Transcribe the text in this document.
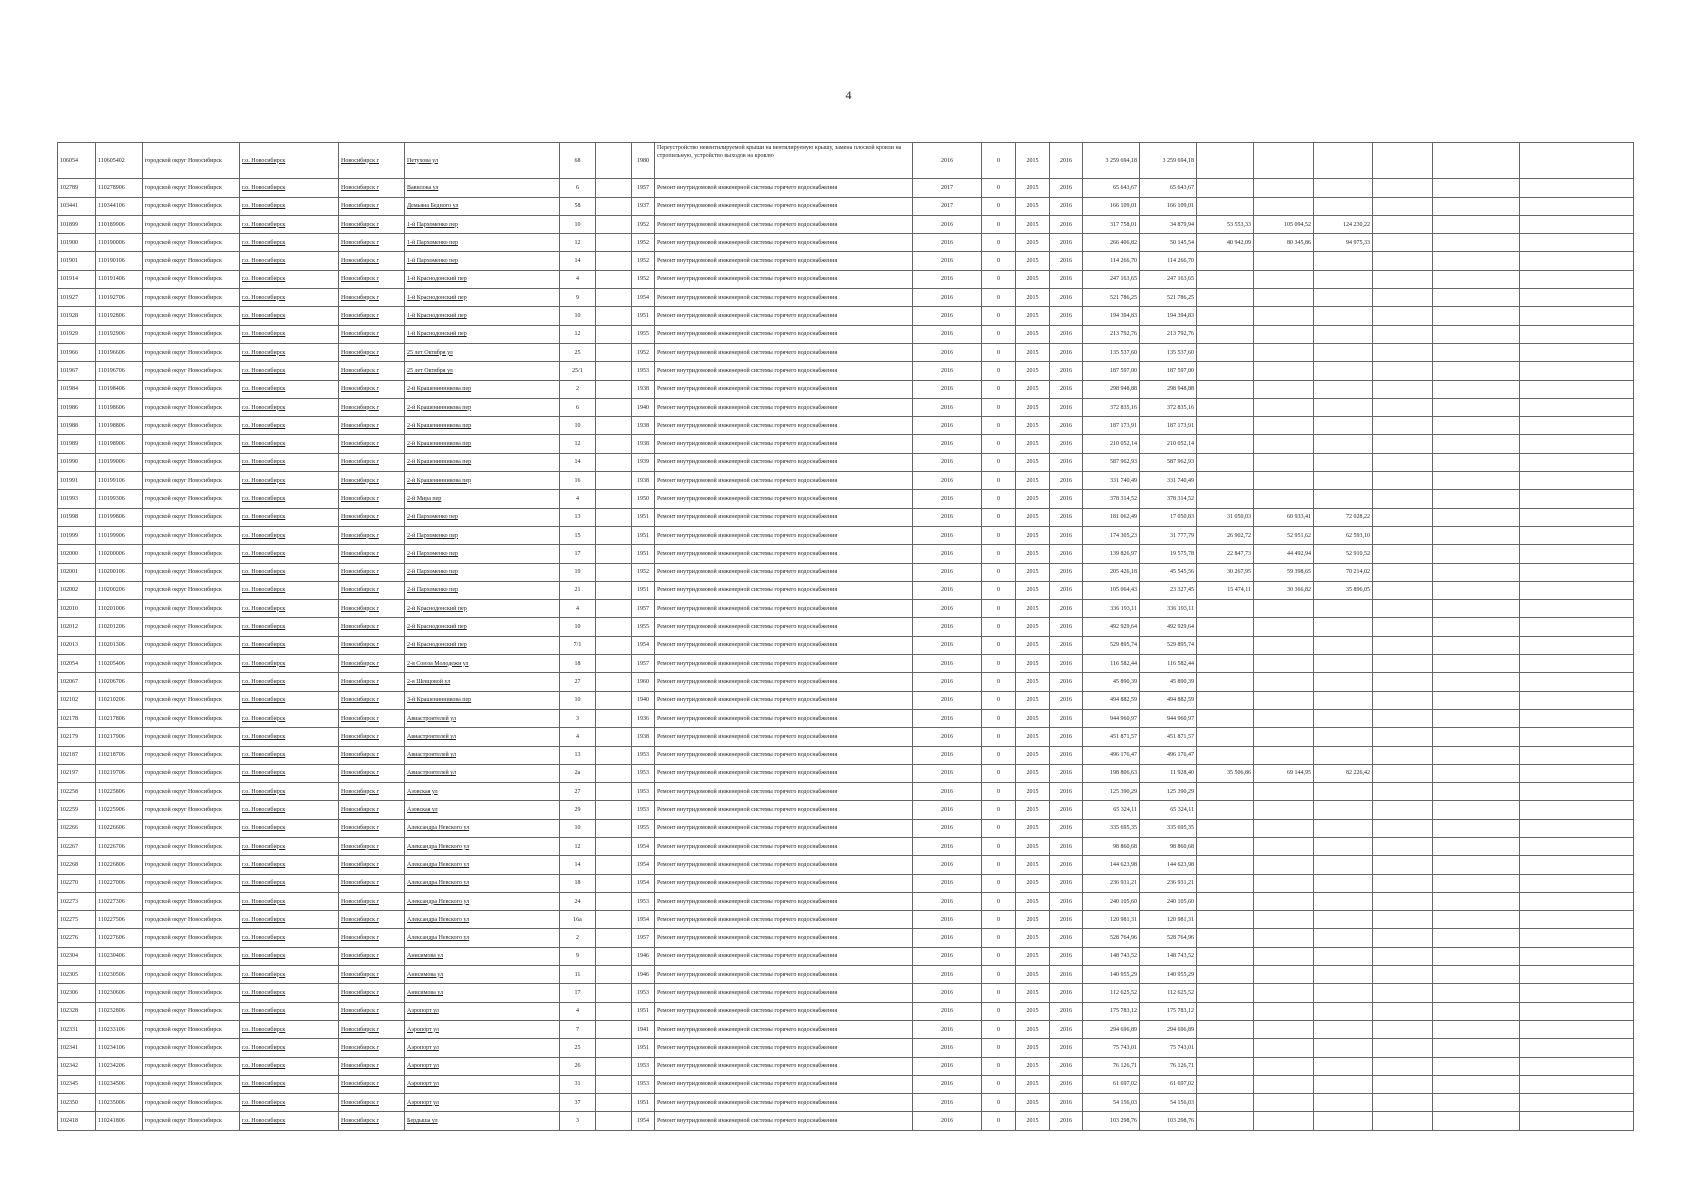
4
106054	110605402	городской округ Новосибирск	г.о. Новосибирск	Новосибирск г	Петухова ул	68		1980	Переустройство невентилируемой крыши на вентилируемую крышу, замена плоской кровли на стропильную, устройство выходов на кровлю	2016	0	2015	2016	3 259 694,18	3 259 694,18						
102789	110278906	городской округ Новосибирск	г.о. Новосибирск	Новосибирск г	Вавилова ул	6		1957	Ремонт внутридомовой инженерной системы горячего водоснабжения	2017	0	2015	2016	65 643,67	65 643,67						
103441	110344106	городской округ Новосибирск	г.о. Новосибирск	Новосибирск г	Демьяна Бедного ул	58		1937	Ремонт внутридомовой инженерной системы горячего водоснабжения	2017	0	2015	2016	166 109,01	166 109,01						
101899	110189906	городской округ Новосибирск	г.о. Новосибирск	Новосибирск г	1-й Пархоменко пер	10		1952	Ремонт внутридомовой инженерной системы горячего водоснабжения	2016	0	2015	2016	317 758,01	34 879,94	53 553,33	105 094,52	124 230,22			
101900	110190006	городской округ Новосибирск	г.о. Новосибирск	Новосибирск г	1-й Пархоменко пер	12		1952	Ремонт внутридомовой инженерной системы горячего водоснабжения	2016	0	2015	2016	266 406,82	50 145,54	40 942,09	80 345,86	94 975,33			
101901	110190106	городской округ Новосибирск	г.о. Новосибирск	Новосибирск г	1-й Пархоменко пер	14		1952	Ремонт внутридомовой инженерной системы горячего водоснабжения	2016	0	2015	2016	114 266,70	114 266,70						
101914	110191406	городской округ Новосибирск	г.о. Новосибирск	Новосибирск г	1-й Краснодонский пер	4		1952	Ремонт внутридомовой инженерной системы горячего водоснабжения	2016	0	2015	2016	247 163,65	247 163,65						
101927	110192706	городской округ Новосибирск	г.о. Новосибирск	Новосибирск г	1-й Краснодонский пер	9		1954	Ремонт внутридомовой инженерной системы горячего водоснабжения	2016	0	2015	2016	521 786,25	521 786,25						
101928	110192806	городской округ Новосибирск	г.о. Новосибирск	Новосибирск г	1-й Краснодонский пер	10		1951	Ремонт внутридомовой инженерной системы горячего водоснабжения	2016	0	2015	2016	194 394,83	194 394,83						
101929	110192906	городской округ Новосибирск	г.о. Новосибирск	Новосибирск г	1-й Краснодонский пер	12		1955	Ремонт внутридомовой инженерной системы горячего водоснабжения	2016	0	2015	2016	213 792,76	213 792,76						
101966	110196606	городской округ Новосибирск	г.о. Новосибирск	Новосибирск г	25 лет Октября ул	25		1952	Ремонт внутридомовой инженерной системы горячего водоснабжения	2016	0	2015	2016	135 537,60	135 537,60						
101967	110196706	городской округ Новосибирск	г.о. Новосибирск	Новосибирск г	25 лет Октября ул	25/1		1953	Ремонт внутридомовой инженерной системы горячего водоснабжения	2016	0	2015	2016	187 597,00	187 597,00						
101984	110198406	городской округ Новосибирск	г.о. Новосибирск	Новосибирск г	2-й Крашенинникова пер	2		1938	Ремонт внутридомовой инженерной системы горячего водоснабжения	2016	0	2015	2016	298 948,88	298 948,88						
101986	110198606	городской округ Новосибирск	г.о. Новосибирск	Новосибирск г	2-й Крашенинникова пер	6		1940	Ремонт внутридомовой инженерной системы горячего водоснабжения	2016	0	2015	2016	372 835,16	372 835,16						
101988	110198806	городской округ Новосибирск	г.о. Новосибирск	Новосибирск г	2-й Крашенинникова пер	10		1938	Ремонт внутридомовой инженерной системы горячего водоснабжения	2016	0	2015	2016	187 173,91	187 173,91						
101989	110198906	городской округ Новосибирск	г.о. Новосибирск	Новосибирск г	2-й Крашенинникова пер	12		1938	Ремонт внутридомовой инженерной системы горячего водоснабжения	2016	0	2015	2016	210 052,14	210 052,14						
101990	110199006	городской округ Новосибирск	г.о. Новосибирск	Новосибирск г	2-й Крашенинникова пер	14		1939	Ремонт внутридомовой инженерной системы горячего водоснабжения	2016	0	2015	2016	587 962,93	587 962,93						
101991	110199106	городской округ Новосибирск	г.о. Новосибирск	Новосибирск г	2-й Крашенинникова пер	16		1938	Ремонт внутридомовой инженерной системы горячего водоснабжения	2016	0	2015	2016	331 740,49	331 740,49						
101993	110199306	городской округ Новосибирск	г.о. Новосибирск	Новосибирск г	2-й Мира пер	4		1950	Ремонт внутридомовой инженерной системы горячего водоснабжения	2016	0	2015	2016	378 314,52	378 314,52						
101998	110199806	городской округ Новосибирск	г.о. Новосибирск	Новосибирск г	2-й Пархоменко пер	13		1951	Ремонт внутридомовой инженерной системы горячего водоснабжения	2016	0	2015	2016	181 062,49	17 050,83	31 050,03	60 933,41	72 028,22			
101999	110199906	городской округ Новосибирск	г.о. Новосибирск	Новосибирск г	2-й Пархоменко пер	15		1951	Ремонт внутридомовой инженерной системы горячего водоснабжения	2016	0	2015	2016	174 305,23	31 777,79	26 902,72	52 951,62	62 593,10			
102000	110200006	городской округ Новосибирск	г.о. Новосибирск	Новосибирск г	2-й Пархоменко пер	17		1951	Ремонт внутридомовой инженерной системы горячего водоснабжения	2016	0	2015	2016	139 826,97	19 575,78	22 847,73	44 492,94	52 910,52			
102001	110200106	городской округ Новосибирск	г.о. Новосибирск	Новосибирск г	2-й Пархоменко пер	19		1952	Ремонт внутридомовой инженерной системы горячего водоснабжения	2016	0	2015	2016	205 426,18	45 545,56	30 267,95	59 398,65	70 214,02			
102002	110200206	городской округ Новосибирск	г.о. Новосибирск	Новосибирск г	2-й Пархоменко пер	21		1951	Ремонт внутридомовой инженерной системы горячего водоснабжения	2016	0	2015	2016	105 064,43	23 327,45	15 474,11	30 366,82	35 896,05			
102010	110201006	городской округ Новосибирск	г.о. Новосибирск	Новосибирск г	2-й Краснодонский пер	4		1957	Ремонт внутридомовой инженерной системы горячего водоснабжения	2016	0	2015	2016	336 193,11	336 193,11						
102012	110201206	городской округ Новосибирск	г.о. Новосибирск	Новосибирск г	2-й Краснодонский пер	10		1955	Ремонт внутридомовой инженерной системы горячего водоснабжения	2016	0	2015	2016	492 929,64	492 929,64						
102013	110201306	городской округ Новосибирск	г.о. Новосибирск	Новосибирск г	2-й Краснодонский пер	7/1		1954	Ремонт внутридомовой инженерной системы горячего водоснабжения	2016	0	2015	2016	529 895,74	529 895,74						
102054	110205406	городской округ Новосибирск	г.о. Новосибирск	Новосибирск г	2-я Союза Молодежи ул	18		1957	Ремонт внутридомовой инженерной системы горячего водоснабжения	2016	0	2015	2016	116 582,44	116 582,44						
102067	110206706	городской округ Новосибирск	г.о. Новосибирск	Новосибирск г	2-я Шевцовой ул	27		1960	Ремонт внутридомовой инженерной системы горячего водоснабжения	2016	0	2015	2016	45 890,39	45 890,39						
102102	110210206	городской округ Новосибирск	г.о. Новосибирск	Новосибирск г	3-й Крашенинникова пер	10		1940	Ремонт внутридомовой инженерной системы горячего водоснабжения	2016	0	2015	2016	494 882,59	494 882,59						
102178	110217806	городской округ Новосибирск	г.о. Новосибирск	Новосибирск г	Авиастроителей ул	3		1936	Ремонт внутридомовой инженерной системы горячего водоснабжения	2016	0	2015	2016	944 960,97	944 960,97						
102179	110217906	городской округ Новосибирск	г.о. Новосибирск	Новосибирск г	Авиастроителей ул	4		1938	Ремонт внутридомовой инженерной системы горячего водоснабжения	2016	0	2015	2016	451 871,57	451 871,57						
102187	110218706	городской округ Новосибирск	г.о. Новосибирск	Новосибирск г	Авиастроителей ул	13		1953	Ремонт внутридомовой инженерной системы горячего водоснабжения	2016	0	2015	2016	496 176,47	496 176,47						
102197	110219706	городской округ Новосибирск	г.о. Новосибирск	Новосибирск г	Авиастроителей ул	2а		1953	Ремонт внутридомовой инженерной системы горячего водоснабжения	2016	0	2015	2016	198 806,63	11 928,40	35 506,86	69 144,95	82 226,42			
102258	110225806	городской округ Новосибирск	г.о. Новосибирск	Новосибирск г	Азовская ул	27		1953	Ремонт внутридомовой инженерной системы горячего водоснабжения	2016	0	2015	2016	125 390,29	125 390,29						
102259	110225906	городской округ Новосибирск	г.о. Новосибирск	Новосибирск г	Азовская ул	29		1953	Ремонт внутридомовой инженерной системы горячего водоснабжения	2016	0	2015	2016	65 324,11	65 324,11						
102266	110226606	городской округ Новосибирск	г.о. Новосибирск	Новосибирск г	Александра Невского ул	10		1955	Ремонт внутридомовой инженерной системы горячего водоснабжения	2016	0	2015	2016	335 695,35	335 695,35						
102267	110226706	городской округ Новосибирск	г.о. Новосибирск	Новосибирск г	Александра Невского ул	12		1954	Ремонт внутридомовой инженерной системы горячего водоснабжения	2016	0	2015	2016	98 860,68	98 860,68						
102268	110226806	городской округ Новосибирск	г.о. Новосибирск	Новосибирск г	Александра Невского ул	14		1954	Ремонт внутридомовой инженерной системы горячего водоснабжения	2016	0	2015	2016	144 623,98	144 623,98						
102270	110227006	городской округ Новосибирск	г.о. Новосибирск	Новосибирск г	Александра Невского ул	18		1954	Ремонт внутридомовой инженерной системы горячего водоснабжения	2016	0	2015	2016	236 931,21	236 931,21						
102273	110227306	городской округ Новосибирск	г.о. Новосибирск	Новосибирск г	Александра Невского ул	24		1953	Ремонт внутридомовой инженерной системы горячего водоснабжения	2016	0	2015	2016	240 105,60	240 105,60						
102275	110227506	городской округ Новосибирск	г.о. Новосибирск	Новосибирск г	Александра Невского ул	16а		1954	Ремонт внутридомовой инженерной системы горячего водоснабжения	2016	0	2015	2016	120 981,31	120 981,31						
102276	110227606	городской округ Новосибирск	г.о. Новосибирск	Новосибирск г	Александра Невского ул	2		1957	Ремонт внутридомовой инженерной системы горячего водоснабжения	2016	0	2015	2016	528 764,96	528 764,96						
102304	110230406	городской округ Новосибирск	г.о. Новосибирск	Новосибирск г	Анисимова ул	9		1946	Ремонт внутридомовой инженерной системы горячего водоснабжения	2016	0	2015	2016	148 743,52	148 743,52						
102305	110230506	городской округ Новосибирск	г.о. Новосибирск	Новосибирск г	Анисимова ул	11		1946	Ремонт внутридомовой инженерной системы горячего водоснабжения	2016	0	2015	2016	140 955,29	140 955,29						
102306	110230606	городской округ Новосибирск	г.о. Новосибирск	Новосибирск г	Анисимова ул	17		1953	Ремонт внутридомовой инженерной системы горячего водоснабжения	2016	0	2015	2016	112 625,52	112 625,52						
102328	110232806	городской округ Новосибирск	г.о. Новосибирск	Новосибирск г	Аэропорт ул	4		1951	Ремонт внутридомовой инженерной системы горячего водоснабжения	2016	0	2015	2016	175 783,12	175 783,12						
102331	110233106	городской округ Новосибирск	г.о. Новосибирск	Новосибирск г	Аэропорт ул	7		1941	Ремонт внутридомовой инженерной системы горячего водоснабжения	2016	0	2015	2016	294 696,89	294 696,89						
102341	110234106	городской округ Новосибирск	г.о. Новосибирск	Новосибирск г	Аэропорт ул	25		1951	Ремонт внутридомовой инженерной системы горячего водоснабжения	2016	0	2015	2016	75 743,01	75 743,01						
102342	110234206	городской округ Новосибирск	г.о. Новосибирск	Новосибирск г	Аэропорт ул	26		1953	Ремонт внутридомовой инженерной системы горячего водоснабжения	2016	0	2015	2016	76 126,71	76 126,71						
102345	110234506	городской округ Новосибирск	г.о. Новосибирск	Новосибирск г	Аэропорт ул	31		1953	Ремонт внутридомовой инженерной системы горячего водоснабжения	2016	0	2015	2016	61 697,02	61 697,02						
102350	110235006	городской округ Новосибирск	г.о. Новосибирск	Новосибирск г	Аэропорт ул	37		1951	Ремонт внутридомовой инженерной системы горячего водоснабжения	2016	0	2015	2016	54 156,03	54 156,03						
102418	110241806	городской округ Новосибирск	г.о. Новосибирск	Новосибирск г	Бердыша ул	3		1954	Ремонт внутридомовой инженерной системы горячего водоснабжения	2016	0	2015	2016	103 298,76	103 298,76						
